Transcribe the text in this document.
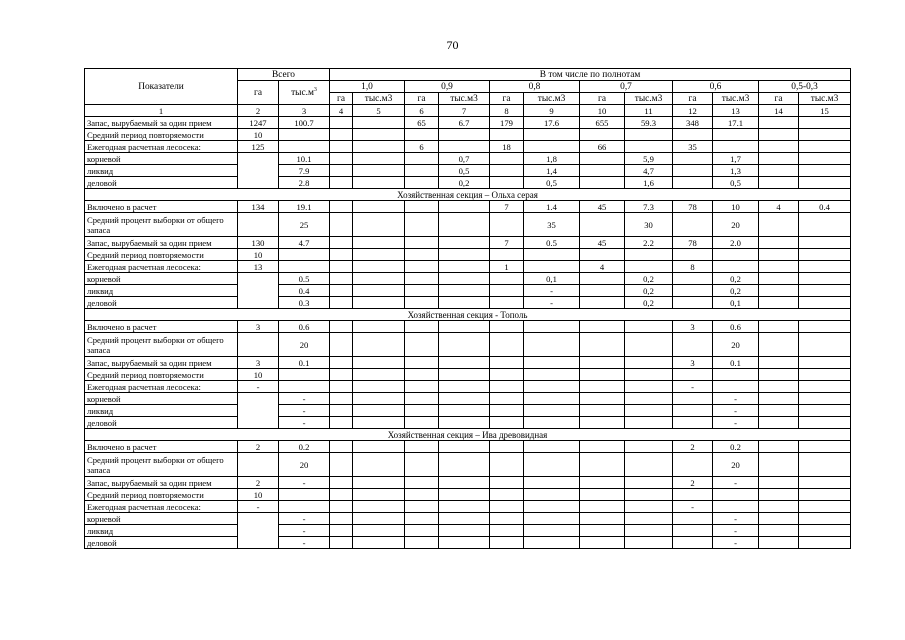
70
Показатели	Всего		В том числе по полнотам											
	га	$тыс.м^3$	1,0		0,9		0,8		0,7		0,6		0,5-0,3	
			га	тыс.м3	га	тыс.м3	га	тыс.м3	га	тыс.м3	га	тыс.м3	га	тыс.м3
1	2	3	4	5	6	7	8	9	10	11	12	13	14	15
Запас, вырубаемый за один прием	1247	100.7			65	6.7	179	17.6	655	59.3	348	17.1		
Средний период повторяемости	10													
Ежегодная расчетная лесосека:	125				6		18		66		35			
корневой		10.1				0,7		1,8		5,9		1,7		
ликвид		7.9				0,5		1,4		4,7		1,3		
деловой		2.8				0,2		0,5		1,6		0,5		
Хозяйственная секция – Ольха серая														
Включено в расчет	134	19.1					7	1.4	45	7.3	78	10	4	0.4
Средний процент выборки от общего запаса		25						35		30		20		
Запас, вырубаемый за один прием	130	4.7					7	0.5	45	2.2	78	2.0		
Средний период повторяемости	10													
Ежегодная расчетная лесосека:	13						1		4		8			
корневой		0.5						0,1		0,2		0,2		
ликвид		0.4						-		0,2		0,2		
деловой		0.3						-		0,2		0,1		
Хозяйственная секция - Тополь														
Включено в расчет	3	0.6									3	0.6		
Средний процент выборки от общего запаса		20										20		
Запас, вырубаемый за один прием	3	0.1									3	0.1		
Средний период повторяемости	10													
Ежегодная расчетная лесосека:	-										-			
корневой		-										-		
ликвид		-										-		
деловой		-										-		
Хозяйственная секция – Ива древовидная														
Включено в расчет	2	0.2									2	0.2		
Средний процент выборки от общего запаса		20										20		
Запас, вырубаемый за один прием	2	-									2	-		
Средний период повторяемости	10													
Ежегодная расчетная лесосека:	-										-			
корневой		-										-		
ликвид		-										-		
деловой		-										-		
